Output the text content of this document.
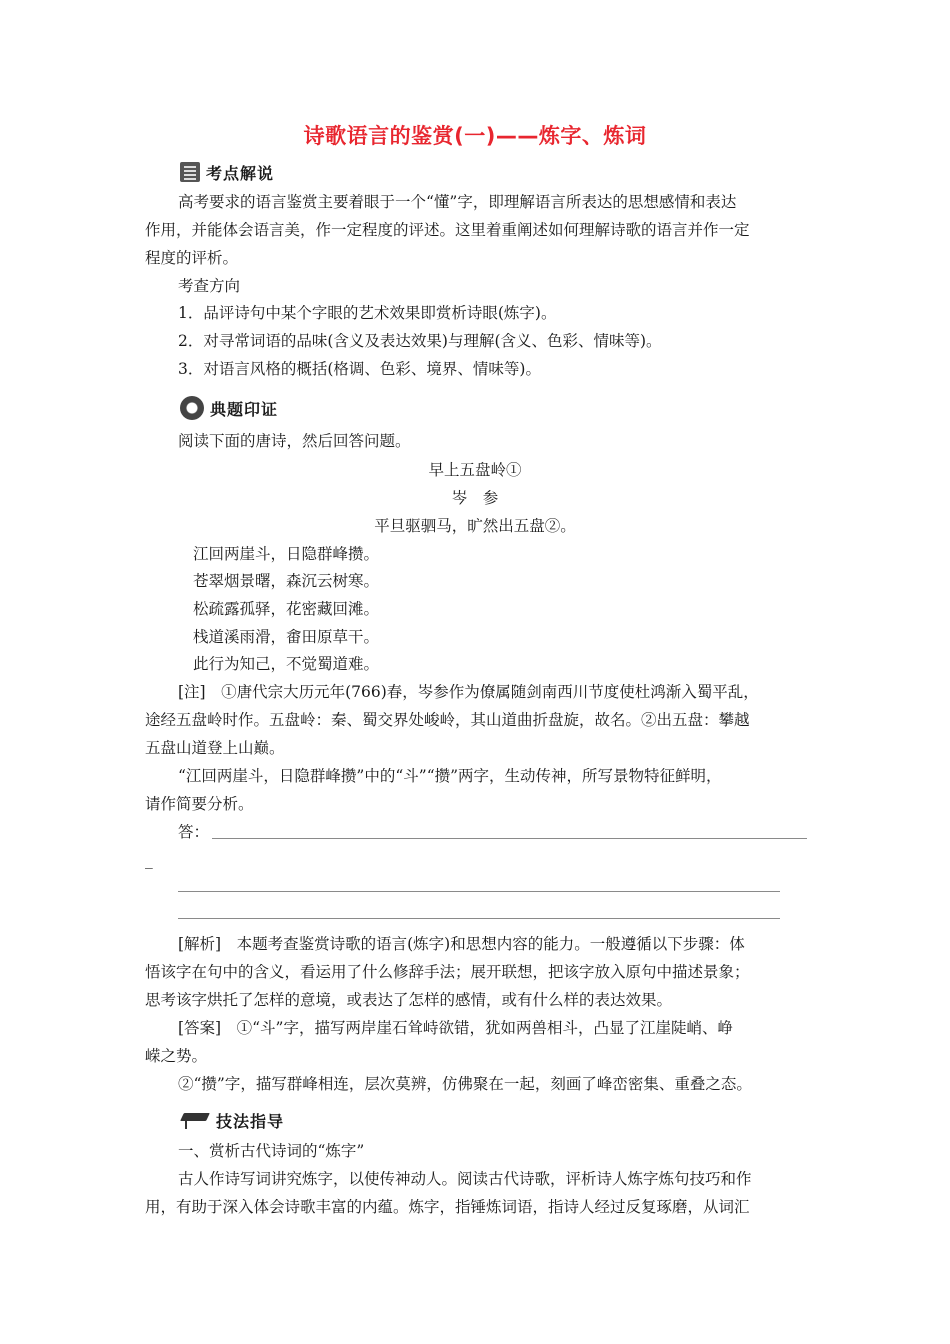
诗歌语言的鉴赏(一)——炼字、炼词
考点解说
高考要求的语言鉴赏主要着眼于一个“懂”字，即理解语言所表达的思想感情和表达
作用，并能体会语言美，作一定程度的评述。这里着重阐述如何理解诗歌的语言并作一定
程度的评析。
考查方向
1．品评诗句中某个字眼的艺术效果即赏析诗眼(炼字)。
2．对寻常词语的品味(含义及表达效果)与理解(含义、色彩、情味等)。
3．对语言风格的概括(格调、色彩、境界、情味等)。
典题印证
阅读下面的唐诗，然后回答问题。
早上五盘岭①
岑　参
平旦驱驷马，旷然出五盘②。
江回两崖斗，日隐群峰攒。
苍翠烟景曙，森沉云树寒。
松疏露孤驿，花密藏回滩。
栈道溪雨滑，畬田原草干。
此行为知己，不觉蜀道难。
[注]　①唐代宗大历元年(766)春，岑参作为僚属随剑南西川节度使杜鸿渐入蜀平乱，
途经五盘岭时作。五盘岭：秦、蜀交界处峻岭，其山道曲折盘旋，故名。②出五盘：攀越
五盘山道登上山巅。
“江回两崖斗，日隐群峰攒”中的“斗”“攒”两字，生动传神，所写景物特征鲜明，
请作简要分析。
答：
_
[解析]　本题考查鉴赏诗歌的语言(炼字)和思想内容的能力。一般遵循以下步骤：体
悟该字在句中的含义，看运用了什么修辞手法；展开联想，把该字放入原句中描述景象；
思考该字烘托了怎样的意境，或表达了怎样的感情，或有什么样的表达效果。
[答案]　①“斗”字，描写两岸崖石耸峙欲错，犹如两兽相斗，凸显了江崖陡峭、峥
嵘之势。
②“攒”字，描写群峰相连，层次莫辨，仿佛聚在一起，刻画了峰峦密集、重叠之态。
技法指导
一、赏析古代诗词的“炼字”
古人作诗写词讲究炼字，以使传神动人。阅读古代诗歌，评析诗人炼字炼句技巧和作
用，有助于深入体会诗歌丰富的内蕴。炼字，指锤炼词语，指诗人经过反复琢磨，从词汇
